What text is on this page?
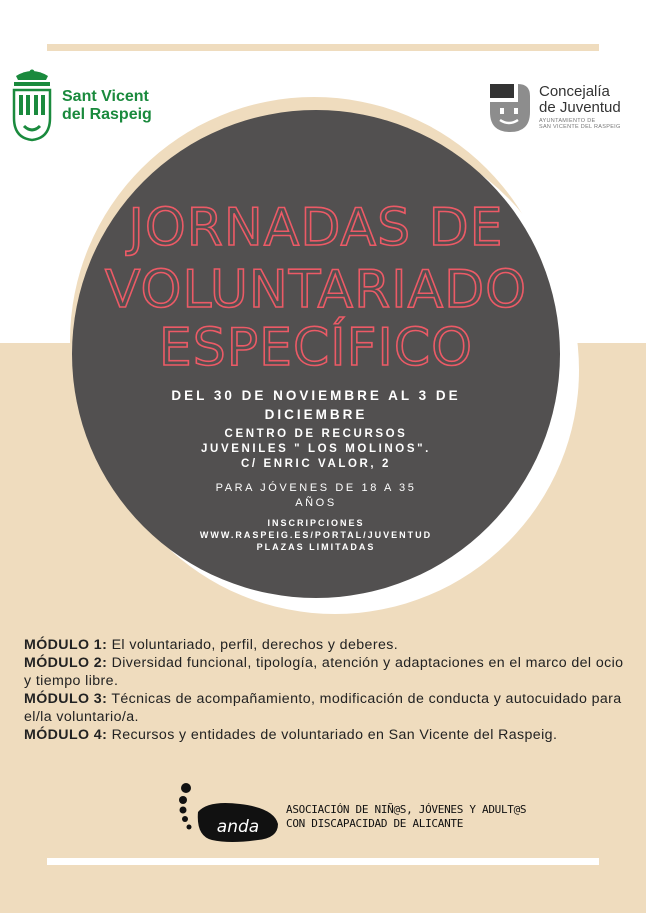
Sant Vicent
del Raspeig
Concejalía
de Juventud
AYUNTAMIENTO DE
SAN VICENTE DEL RASPEIG
JORNADAS DE
VOLUNTARIADO
ESPECÍFICO
DEL 30 DE NOVIEMBRE AL 3 DE
DICIEMBRE
CENTRO DE RECURSOS
JUVENILES " LOS MOLINOS".
C/ ENRIC VALOR, 2
PARA JÓVENES DE 18 A 35
AÑOS
INSCRIPCIONES
WWW.RASPEIG.ES/PORTAL/JUVENTUD
PLAZAS LIMITADAS

MÓDULO 1: El voluntariado, perfil, derechos y deberes.

MÓDULO 2: Diversidad funcional, tipología, atención y adaptaciones en el marco del ocio y tiempo libre.

MÓDULO 3: Técnicas de acompañamiento, modificación de conducta y autocuidado para el/la voluntario/a.

MÓDULO 4: Recursos y entidades de voluntariado en San Vicente del Raspeig.

anda
ASOCIACIÓN DE NIÑ@S, JÓVENES Y ADULT@S
CON DISCAPACIDAD DE ALICANTE
